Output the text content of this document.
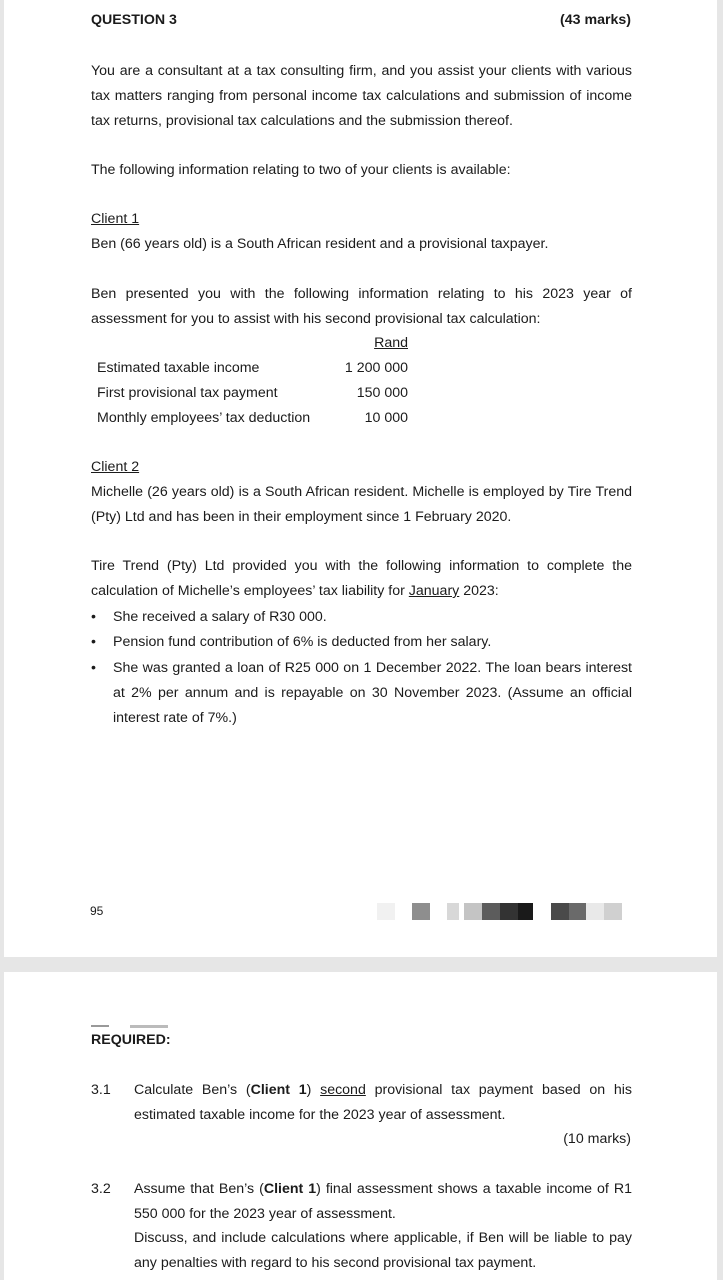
QUESTION 3	(43 marks)

You are a consultant at a tax consulting firm, and you assist your clients with various tax matters ranging from personal income tax calculations and submission of income tax returns, provisional tax calculations and the submission thereof.

The following information relating to two of your clients is available:

Client 1

Ben (66 years old) is a South African resident and a provisional taxpayer.

Ben presented you with the following information relating to his 2023 year of assessment for you to assist with his second provisional tax calculation:

Rand
Estimated taxable income	1 200 000
First provisional tax payment	150 000
Monthly employees’ tax deduction	10 000
Client 2

Michelle (26 years old) is a South African resident. Michelle is employed by Tire Trend (Pty) Ltd and has been in their employment since 1 February 2020.

Tire Trend (Pty) Ltd provided you with the following information to complete the calculation of Michelle’s employees’ tax liability for January 2023:

• She received a salary of R30 000.

• Pension fund contribution of 6% is deducted from her salary.

• She was granted a loan of R25 000 on 1 December 2022. The loan bears interest at 2% per annum and is repayable on 30 November 2023. (Assume an official interest rate of 7%.)

95
REQUIRED:
3.1 Calculate Ben’s (Client 1) second provisional tax payment based on his estimated taxable income for the 2023 year of assessment.

(10 marks)
3.2 Assume that Ben’s (Client 1) final assessment shows a taxable income of R1 550 000 for the 2023 year of assessment.

Discuss, and include calculations where applicable, if Ben will be liable to pay any penalties with regard to his second provisional tax payment.
